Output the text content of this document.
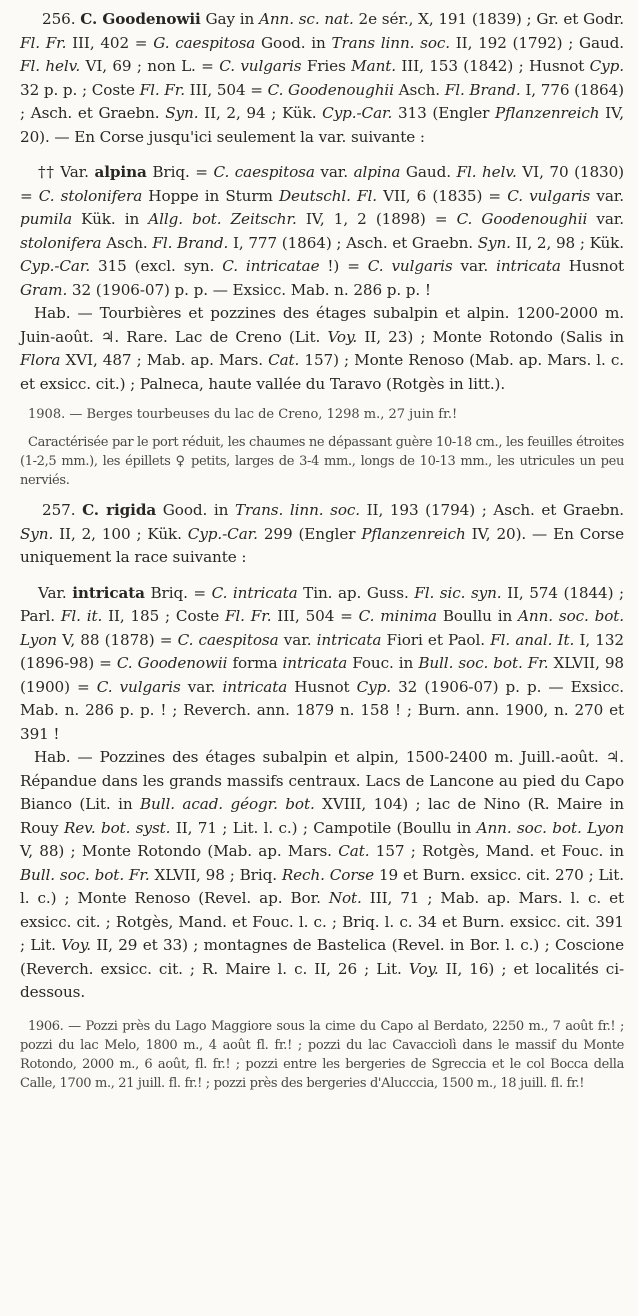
256. C. Goodenowii Gay in Ann. sc. nat. 2e sér., X, 191 (1839) ; Gr. et Godr. Fl. Fr. III, 402 = G. caespitosa Good. in Trans linn. soc. II, 192 (1792) ; Gaud. Fl. helv. VI, 69 ; non L. = C. vulgaris Fries Mant. III, 153 (1842) ; Husnot Cyp. 32 p. p. ; Coste Fl. Fr. III, 504 = C. Goodenoughii Asch. Fl. Brand. I, 776 (1864) ; Asch. et Graebn. Syn. II, 2, 94 ; Kük. Cyp.-Car. 313 (Engler Pflanzenreich IV, 20). — En Corse jusqu'ici seulement la var. suivante :

†† Var. alpina Briq. = C. caespitosa var. alpina Gaud. Fl. helv. VI, 70 (1830) = C. stolonifera Hoppe in Sturm Deutschl. Fl. VII, 6 (1835) = C. vulgaris var. pumila Kük. in Allg. bot. Zeitschr. IV, 1, 2 (1898) = C. Goodenoughii var. stolonifera Asch. Fl. Brand. I, 777 (1864) ; Asch. et Graebn. Syn. II, 2, 98 ; Kük. Cyp.-Car. 315 (excl. syn. C. intricatae !) = C. vulgaris var. intricata Husnot Gram. 32 (1906-07) p. p. — Exsicc. Mab. n. 286 p. p. !

Hab. — Tourbières et pozzines des étages subalpin et alpin. 1200-2000 m. Juin-août. ♃. Rare. Lac de Creno (Lit. Voy. II, 23) ; Monte Rotondo (Salis in Flora XVI, 487 ; Mab. ap. Mars. Cat. 157) ; Monte Renoso (Mab. ap. Mars. l. c. et exsicc. cit.) ; Palneca, haute vallée du Taravo (Rotgès in litt.).

1908. — Berges tourbeuses du lac de Creno, 1298 m., 27 juin fr.!

Caractérisée par le port réduit, les chaumes ne dépassant guère 10-18 cm., les feuilles étroites (1-2,5 mm.), les épillets ♀ petits, larges de 3-4 mm., longs de 10-13 mm., les utricules un peu nerviés.

257. C. rigida Good. in Trans. linn. soc. II, 193 (1794) ; Asch. et Graebn. Syn. II, 2, 100 ; Kük. Cyp.-Car. 299 (Engler Pflanzenreich IV, 20). — En Corse uniquement la race suivante :

Var. intricata Briq. = C. intricata Tin. ap. Guss. Fl. sic. syn. II, 574 (1844) ; Parl. Fl. it. II, 185 ; Coste Fl. Fr. III, 504 = C. minima Boullu in Ann. soc. bot. Lyon V, 88 (1878) = C. caespitosa var. intricata Fiori et Paol. Fl. anal. It. I, 132 (1896-98) = C. Goodenowii forma intricata Fouc. in Bull. soc. bot. Fr. XLVII, 98 (1900) = C. vulgaris var. intricata Husnot Cyp. 32 (1906-07) p. p. — Exsicc. Mab. n. 286 p. p. ! ; Reverch. ann. 1879 n. 158 ! ; Burn. ann. 1900, n. 270 et 391 !

Hab. — Pozzines des étages subalpin et alpin, 1500-2400 m. Juill.-août. ♃. Répandue dans les grands massifs centraux. Lacs de Lancone au pied du Capo Bianco (Lit. in Bull. acad. géogr. bot. XVIII, 104) ; lac de Nino (R. Maire in Rouy Rev. bot. syst. II, 71 ; Lit. l. c.) ; Campotile (Boullu in Ann. soc. bot. Lyon V, 88) ; Monte Rotondo (Mab. ap. Mars. Cat. 157 ; Rotgès, Mand. et Fouc. in Bull. soc. bot. Fr. XLVII, 98 ; Briq. Rech. Corse 19 et Burn. exsicc. cit. 270 ; Lit. l. c.) ; Monte Renoso (Revel. ap. Bor. Not. III, 71 ; Mab. ap. Mars. l. c. et exsicc. cit. ; Rotgès, Mand. et Fouc. l. c. ; Briq. l. c. 34 et Burn. exsicc. cit. 391 ; Lit. Voy. II, 29 et 33) ; montagnes de Bastelica (Revel. in Bor. l. c.) ; Coscione (Reverch. exsicc. cit. ; R. Maire l. c. II, 26 ; Lit. Voy. II, 16) ; et localités ci-dessous.

1906. — Pozzi près du Lago Maggiore sous la cime du Capo al Berdato, 2250 m., 7 août fr.! ; pozzi du lac Melo, 1800 m., 4 août fl. fr.! ; pozzi du lac Cavacciolì dans le massif du Monte Rotondo, 2000 m., 6 août, fl. fr.! ; pozzi entre les bergeries de Sgreccia et le col Bocca della Calle, 1700 m., 21 juill. fl. fr.! ; pozzi près des bergeries d'Alucccia, 1500 m., 18 juill. fl. fr.!
